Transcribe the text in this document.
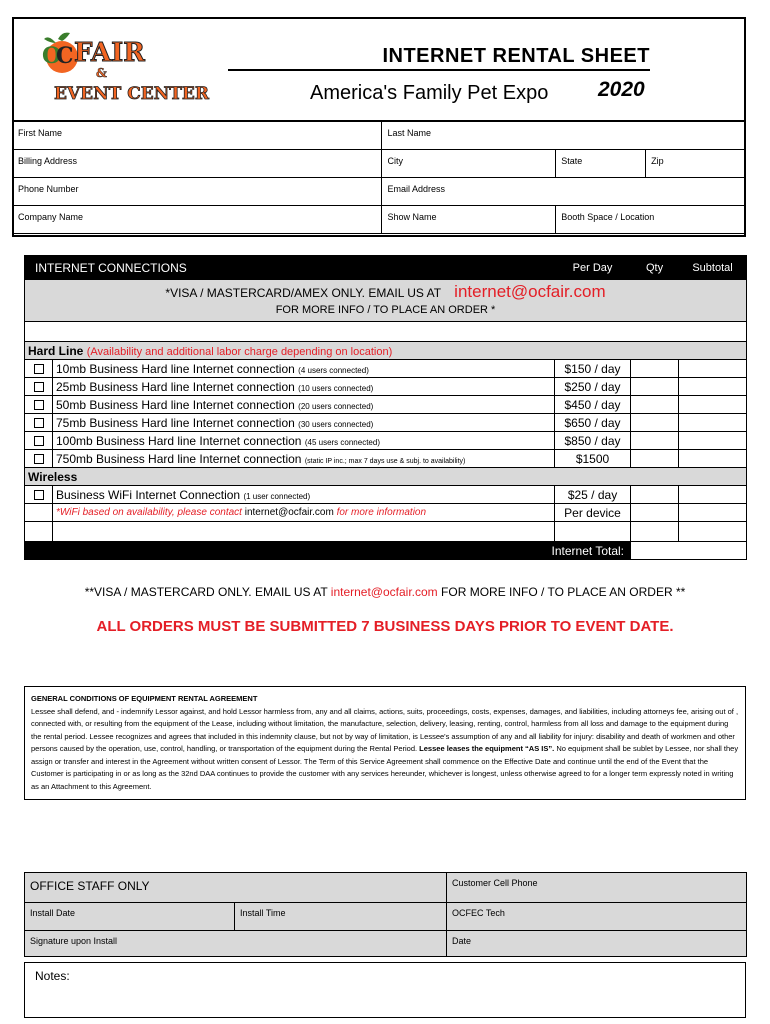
FAIR
&
EVENT CENTER
O
C	INTERNET RENTAL SHEET
America's Family Pet Expo 2020
First Name	Last Name		
Billing Address	City	State	Zip
Phone Number	Email Address		
Company Name	Show Name	Booth Space / Location	
INTERNET CONNECTIONS		Per Day	Qty	Subtotal
*VISA / MASTERCARD/AMEX ONLY. EMAIL US AT internet@ocfair.com
FOR MORE INFO / TO PLACE AN ORDER *				

Hard Line (Availability and additional labor charge depending on location)				
	10mb Business Hard line Internet connection (4 users connected)	$150 / day		
	25mb Business Hard line Internet connection (10 users connected)	$250 / day		
	50mb Business Hard line Internet connection (20 users connected)	$450 / day		
	75mb Business Hard line Internet connection (30 users connected)	$650 / day		
	100mb Business Hard line Internet connection (45 users connected)	$850 / day		
	750mb Business Hard line Internet connection (static IP inc.; max 7 days use & subj. to availability)	$1500		
Wireless				
	Business WiFi Internet Connection (1 user connected)	$25 / day		
	*WiFi based on availability, please contact internet@ocfair.com for more information	Per device		

Internet Total:				
**VISA / MASTERCARD ONLY. EMAIL US AT internet@ocfair.com FOR MORE INFO / TO PLACE AN ORDER **
ALL ORDERS MUST BE SUBMITTED 7 BUSINESS DAYS PRIOR TO EVENT DATE.
GENERAL CONDITIONS OF EQUIPMENT RENTAL AGREEMENT
Lessee shall defend, and - indemnify Lessor against, and hold Lessor harmless from, any and all claims, actions, suits, proceedings, costs, expenses, damages, and liabilities, including attorneys fee, arising out of , connected with, or resulting from the equipment of the Lease, including without limitation, the manufacture, selection, delivery, leasing, renting, control, harmless from all loss and damage to the equipment during the rental period. Lessee recognizes and agrees that included in this indemnity clause, but not by way of limitation, is Lessee's assumption of any and all liability for injury: disability and death of workmen and other persons caused by the operation, use, control, handling, or transportation of the equipment during the Rental Period. Lessee leases the equipment “AS IS”. No equipment shall be sublet by Lessee, nor shall they assign or transfer and interest in the Agreement without written consent of Lessor. The Term of this Service Agreement shall commence on the Effective Date and continue until the end of the Event that the Customer is participating in or as long as the 32nd DAA continues to provide the customer with any services hereunder, whichever is longest, unless otherwise agreed to for a longer term expressly noted in writing as an Attachment to this Agreement.
OFFICE STAFF ONLY		Customer Cell Phone
Install Date	Install Time	OCFEC Tech
Signature upon Install		Date
Notes:
